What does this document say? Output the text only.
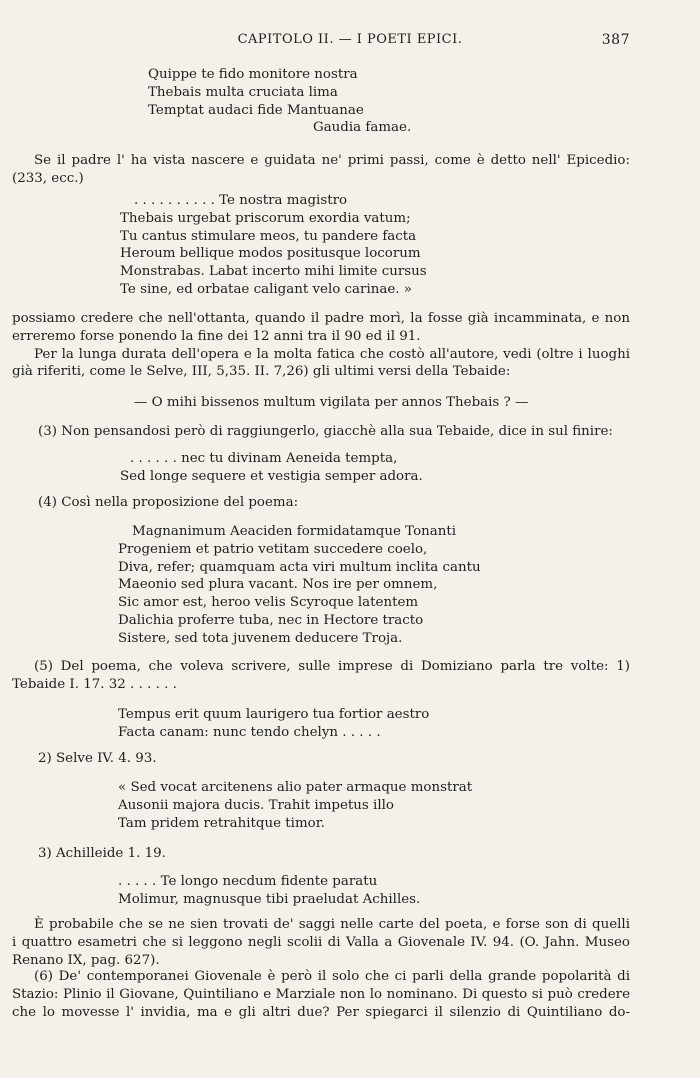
CAPITOLO II. — I POETI EPICI.	387
Quippe te fido monitore nostra
Thebais multa cruciata lima
Temptat audaci fide Mantuanae
Gaudia famae.
Se il padre l' ha vista nascere e guidata ne' primi passi, come è detto nell' Epicedio:
(233, ecc.)
. . . . . . . . . . Te nostra magistro
Thebais urgebat priscorum exordia vatum;
Tu cantus stimulare meos, tu pandere facta
Heroum bellique modos positusque locorum
Monstrabas. Labat incerto mihi limite cursus
Te sine, ed orbatae caligant velo carinae. »
possiamo credere che nell'ottanta, quando il padre morì, la fosse già incamminata, e non
erreremo forse ponendo la fine dei 12 anni tra il 90 ed il 91.
Per la lunga durata dell'opera e la molta fatica che costò all'autore, vedi (oltre i luoghi
già riferiti, come le Selve, III, 5,35. II. 7,26) gli ultimi versi della Tebaide:
— O mihi bissenos multum vigilata per annos Thebais ? —
(3) Non pensandosi però di raggiungerlo, giacchè alla sua Tebaide, dice in sul finire:
. . . . . . nec tu divinam Aeneida tempta,
Sed longe sequere et vestigia semper adora.
(4) Così nella proposizione del poema:
Magnanimum Aeaciden formidatamque Tonanti
Progeniem et patrio vetitam succedere coelo,
Diva, refer; quamquam acta viri multum inclita cantu
Maeonio sed plura vacant. Nos ire per omnem,
Sic amor est, heroo velis Scyroque latentem
Dalichia proferre tuba, nec in Hectore tracto
Sistere, sed tota juvenem deducere Troja.
(5) Del poema, che voleva scrivere, sulle imprese di Domiziano parla tre volte: 1)
Tebaide I. 17. 32 . . . . . .
Tempus erit quum laurigero tua fortior aestro
Facta canam: nunc tendo chelyn . . . . .
2) Selve IV. 4. 93.
« Sed vocat arcitenens alio pater armaque monstrat
Ausonii majora ducis. Trahit impetus illo
Tam pridem retrahitque timor.
3) Achilleide 1. 19.
. . . . . Te longo necdum fidente paratu
Molimur, magnusque tibi praeludat Achilles.
È probabile che se ne sien trovati de' saggi nelle carte del poeta, e forse son di quelli
i quattro esametri che si leggono negli scolii di Valla a Giovenale IV. 94. (O. Jahn. Museo
Renano IX, pag. 627).
(6) De' contemporanei Giovenale è però il solo che ci parli della grande popolarità di
Stazio: Plinio il Giovane, Quintiliano e Marziale non lo nominano. Di questo si può credere
che lo movesse l' invidia, ma e gli altri due? Per spiegarci il silenzio di Quintiliano do-
